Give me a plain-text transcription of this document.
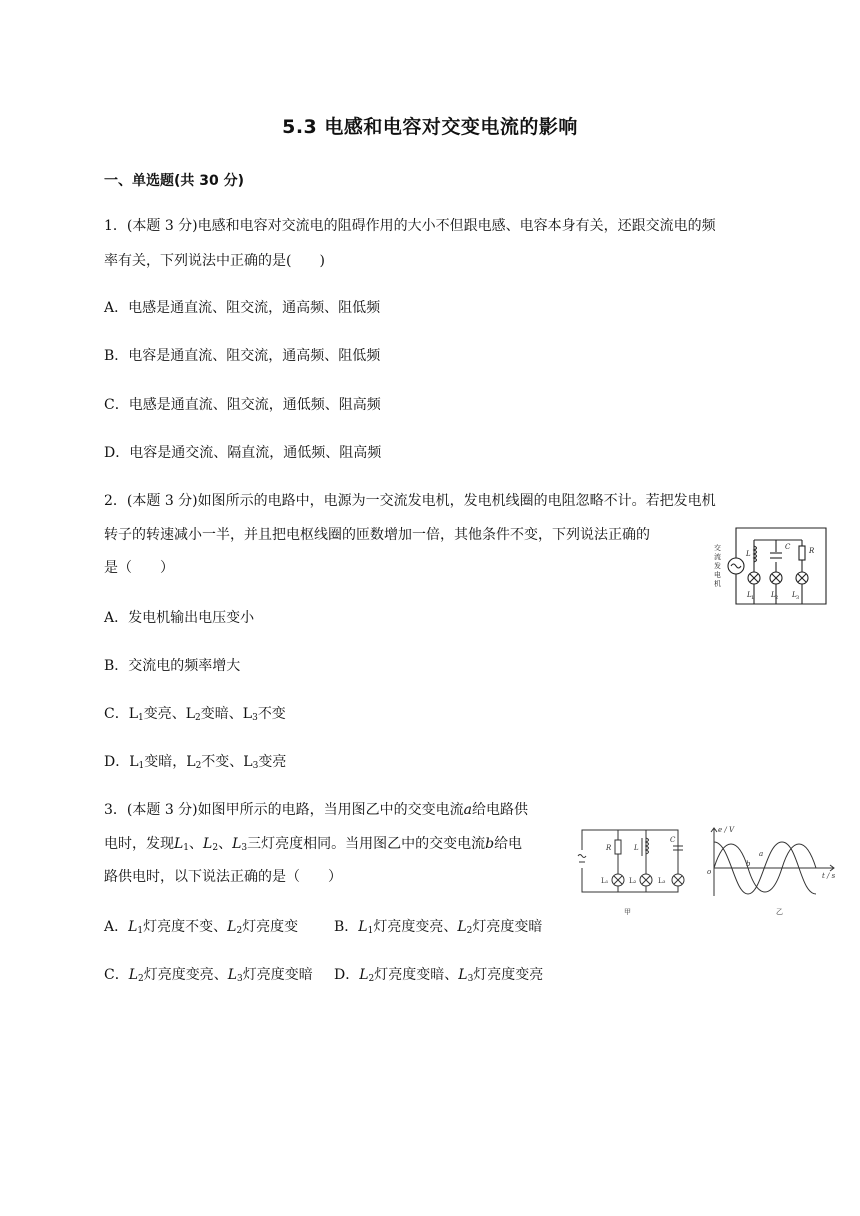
5.3 电感和电容对交变电流的影响
一、单选题(共 30 分)
1．(本题 3 分)电感和电容对交流电的阻碍作用的大小不但跟电感、电容本身有关，还跟交流电的频
率有关，下列说法中正确的是(　　)
A．电感是通直流、阻交流，通高频、阻低频
B．电容是通直流、阻交流，通高频、阻低频
C．电感是通直流、阻交流，通低频、阻高频
D．电容是通交流、隔直流，通低频、阻高频
2．(本题 3 分)如图所示的电路中，电源为一交流发电机，发电机线圈的电阻忽略不计。若把发电机
转子的转速减小一半，并且把电枢线圈的匝数增加一倍，其他条件不变，下列说法正确的
是（　　）
A．发电机输出电压变小
B．交流电的频率增大
C．$L_1$变亮、$L_2$变暗、$L_3$不变
D．$L_1$变暗，$L_2$不变、$L_3$变亮
交
流
发
电
机
L
C	R
L 1 L 2 L 3
3．(本题 3 分)如图甲所示的电路，当用图乙中的交变电流a给电路供
电时，发现$L_1$、$L_2$、$L_3$三灯亮度相同。当用图乙中的交变电流b给电
路供电时，以下说法正确的是（　　）
A．$L_1$灯亮度不变、$L_2$灯亮度变	B．$L_1$灯亮度变亮、$L_2$灯亮度变暗
C．$L_2$灯亮度变亮、$L_3$灯亮度变暗 D．$L_2$灯亮度变暗、$L_3$灯亮度变亮
R	L
C
L₁	L₂	L₃
甲
e / V
t / s
o
a
b
乙
